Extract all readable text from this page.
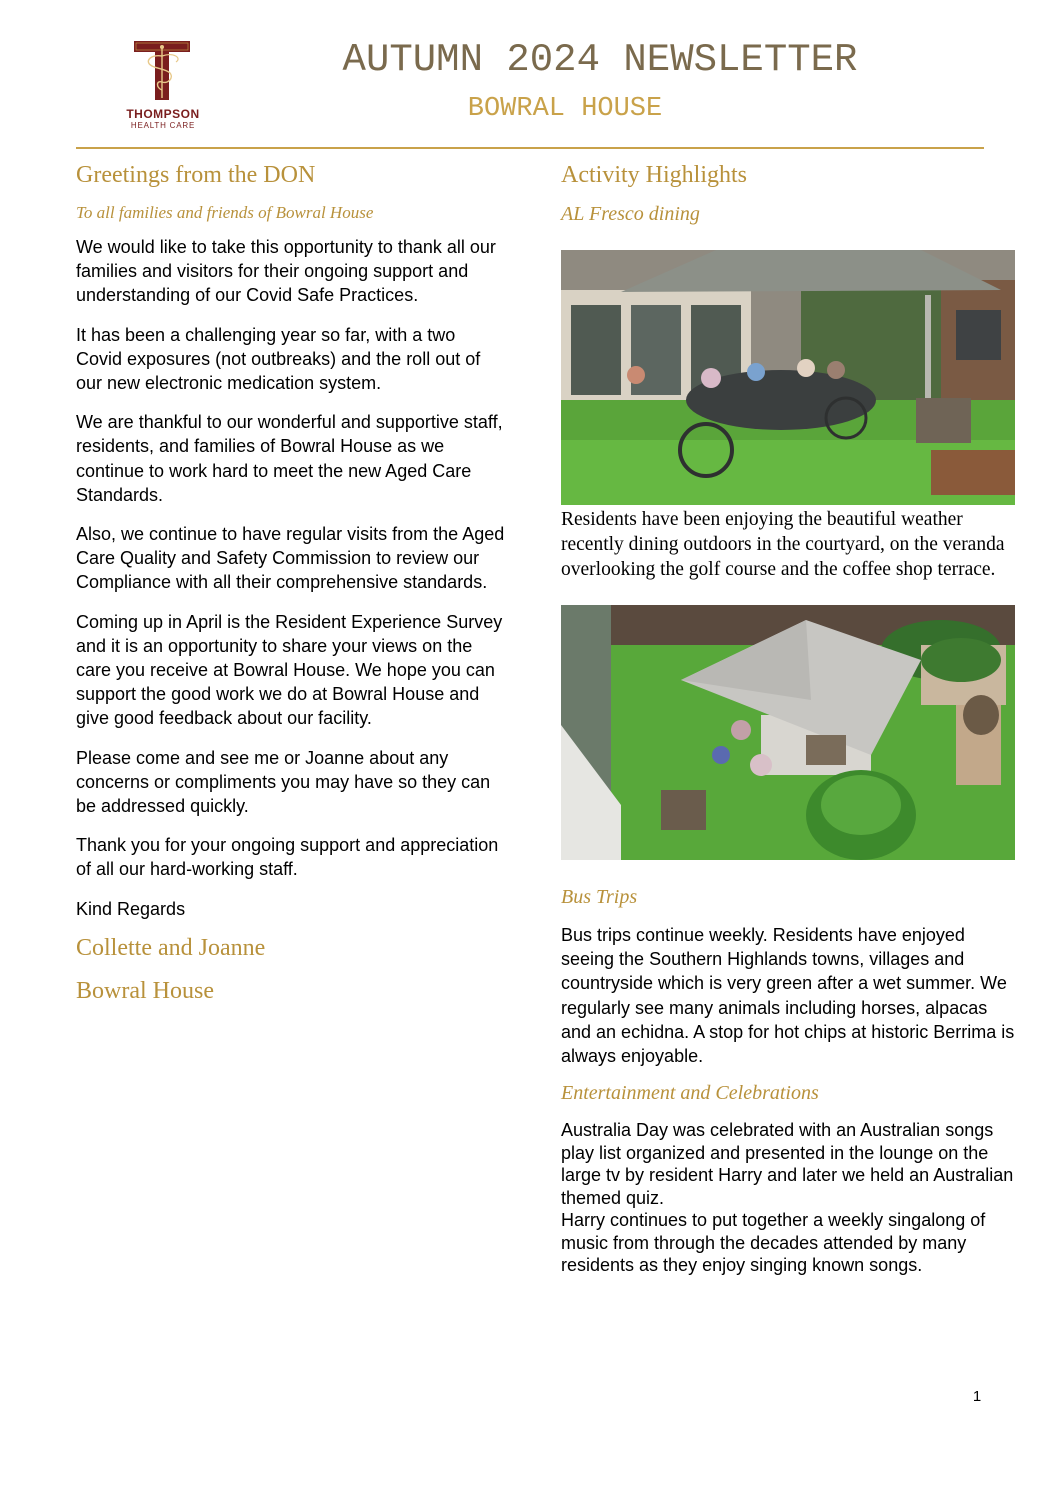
THOMPSON
HEALTH CARE
AUTUMN 2024 NEWSLETTER
BOWRAL HOUSE
Greetings from the DON

To all families and friends of Bowral House

We would like to take this opportunity to thank all our families and visitors for their ongoing support and understanding of our Covid Safe Practices.

It has been a challenging year so far, with a two Covid exposures (not outbreaks) and the roll out of our new electronic medication system.

We are thankful to our wonderful and supportive staff, residents, and families of Bowral House as we continue to work hard to meet the new Aged Care Standards.

Also, we continue to have regular visits from the Aged Care Quality and Safety Commission to review our Compliance with all their comprehensive standards.

Coming up in April is the Resident Experience Survey and it is an opportunity to share your views on the care you receive at Bowral House. We hope you can support the good work we do at Bowral House and give good feedback about our facility.

Please come and see me or Joanne about any concerns or compliments you may have so they can be addressed quickly.

Thank you for your ongoing support and appreciation of all our hard-working staff.

Kind Regards

Collette and Joanne
Bowral House
Activity Highlights

AL Fresco dining

Residents have been enjoying the beautiful weather recently dining outdoors in the courtyard, on the veranda overlooking the golf course and the coffee shop terrace.

Bus Trips

Bus trips continue weekly. Residents have enjoyed seeing the Southern Highlands towns, villages and countryside which is very green after a wet summer. We regularly see many animals including horses, alpacas and an echidna. A stop for hot chips at historic Berrima is always enjoyable.

Entertainment and Celebrations

Australia Day was celebrated with an Australian songs play list organized and presented in the lounge on the large tv by resident Harry and later we held an Australian themed quiz.

Harry continues to put together a weekly singalong of music from through the decades attended by many residents as they enjoy singing known songs.

1
